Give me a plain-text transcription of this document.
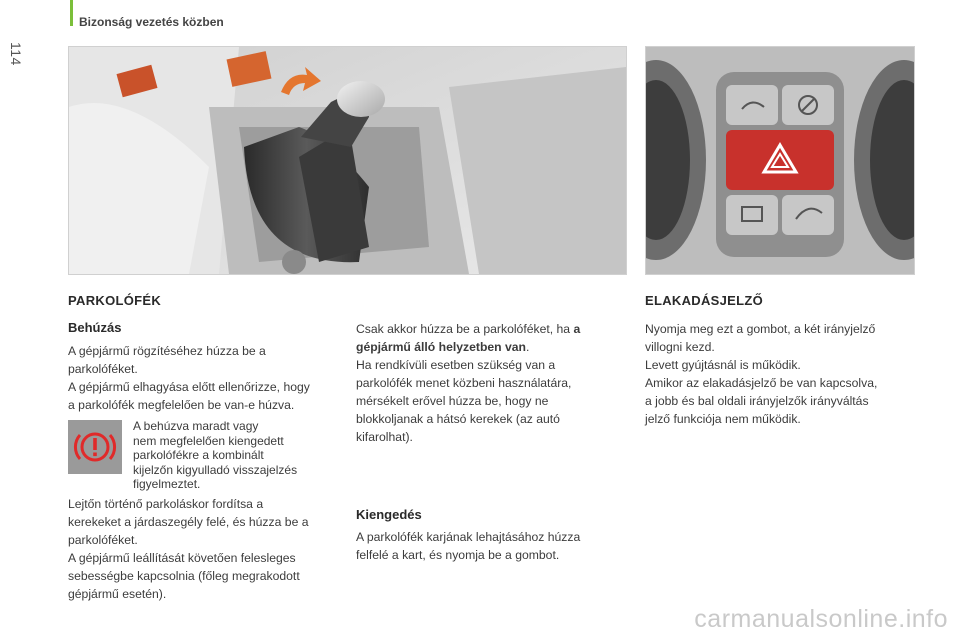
Bizonság vezetés közben
114
PARKOLÓFÉK
Behúzás

A gépjármű rögzítéséhez húzza be a

parkolóféket.

A gépjármű elhagyása előtt ellenőrizze, hogy

a parkolófék megfelelően be van-e húzva.

A behúzva maradt vagy
nem megfelelően kiengedett
parkolófékre a kombinált
kijelzőn kigyulladó visszajelzés
figyelmeztet.

Lejtőn történő parkoláskor fordítsa a

kerekeket a járdaszegély felé, és húzza be a

parkolóféket.

A gépjármű leállítását követően felesleges

sebességbe kapcsolnia (főleg megrakodott

gépjármű esetén).

Csak akkor húzza be a parkolóféket, ha a

gépjármű álló helyzetben van.

Ha rendkívüli esetben szükség van a

parkolófék menet közbeni használatára,

mérsékelt erővel húzza be, hogy ne

blokkoljanak a hátsó kerekek (az autó

kifarolhat).

Kiengedés

A parkolófék karjának lehajtásához húzza

felfelé a kart, és nyomja be a gombot.

ELAKADÁSJELZŐ

Nyomja meg ezt a gombot, a két irányjelző

villogni kezd.

Levett gyújtásnál is működik.

Amikor az elakadásjelző be van kapcsolva,

a jobb és bal oldali irányjelzők irányváltás

jelző funkciója nem működik.

carmanualsonline.info
